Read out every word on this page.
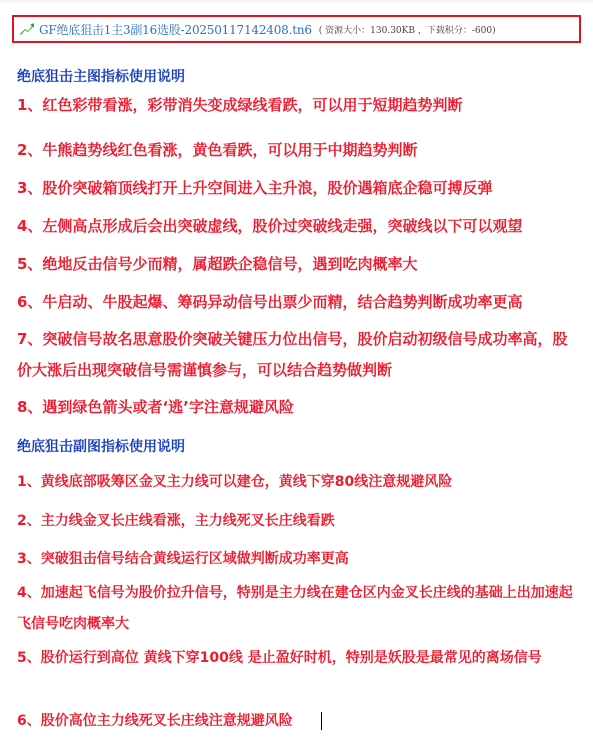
GF绝底狙击1主3副16选股-20250117142408.tn6 ( 资源大小：130.30KB ，下载积分：-600)
绝底狙击主图指标使用说明
1、红色彩带看涨，彩带消失变成绿线看跌，可以用于短期趋势判断
2、牛熊趋势线红色看涨，黄色看跌，可以用于中期趋势判断
3、股价突破箱顶线打开上升空间进入主升浪，股价遇箱底企稳可搏反弹
4、左侧高点形成后会出突破虚线，股价过突破线走强，突破线以下可以观望
5、绝地反击信号少而精，属超跌企稳信号，遇到吃肉概率大
6、牛启动、牛股起爆、筹码异动信号出票少而精，结合趋势判断成功率更高
7、突破信号故名思意股价突破关键压力位出信号，股价启动初级信号成功率高，股价大涨后出现突破信号需谨慎参与，可以结合趋势做判断
8、遇到绿色箭头或者‘逃’字注意规避风险
绝底狙击副图指标使用说明
1、黄线底部吸筹区金叉主力线可以建仓，黄线下穿80线注意规避风险
2、主力线金叉长庄线看涨，主力线死叉长庄线看跌
3、突破狙击信号结合黄线运行区域做判断成功率更高
4、加速起飞信号为股价拉升信号，特别是主力线在建仓区内金叉长庄线的基础上出加速起飞信号吃肉概率大
5、股价运行到高位 黄线下穿100线 是止盈好时机，特别是妖股是最常见的离场信号
6、股价高位主力线死叉长庄线注意规避风险
